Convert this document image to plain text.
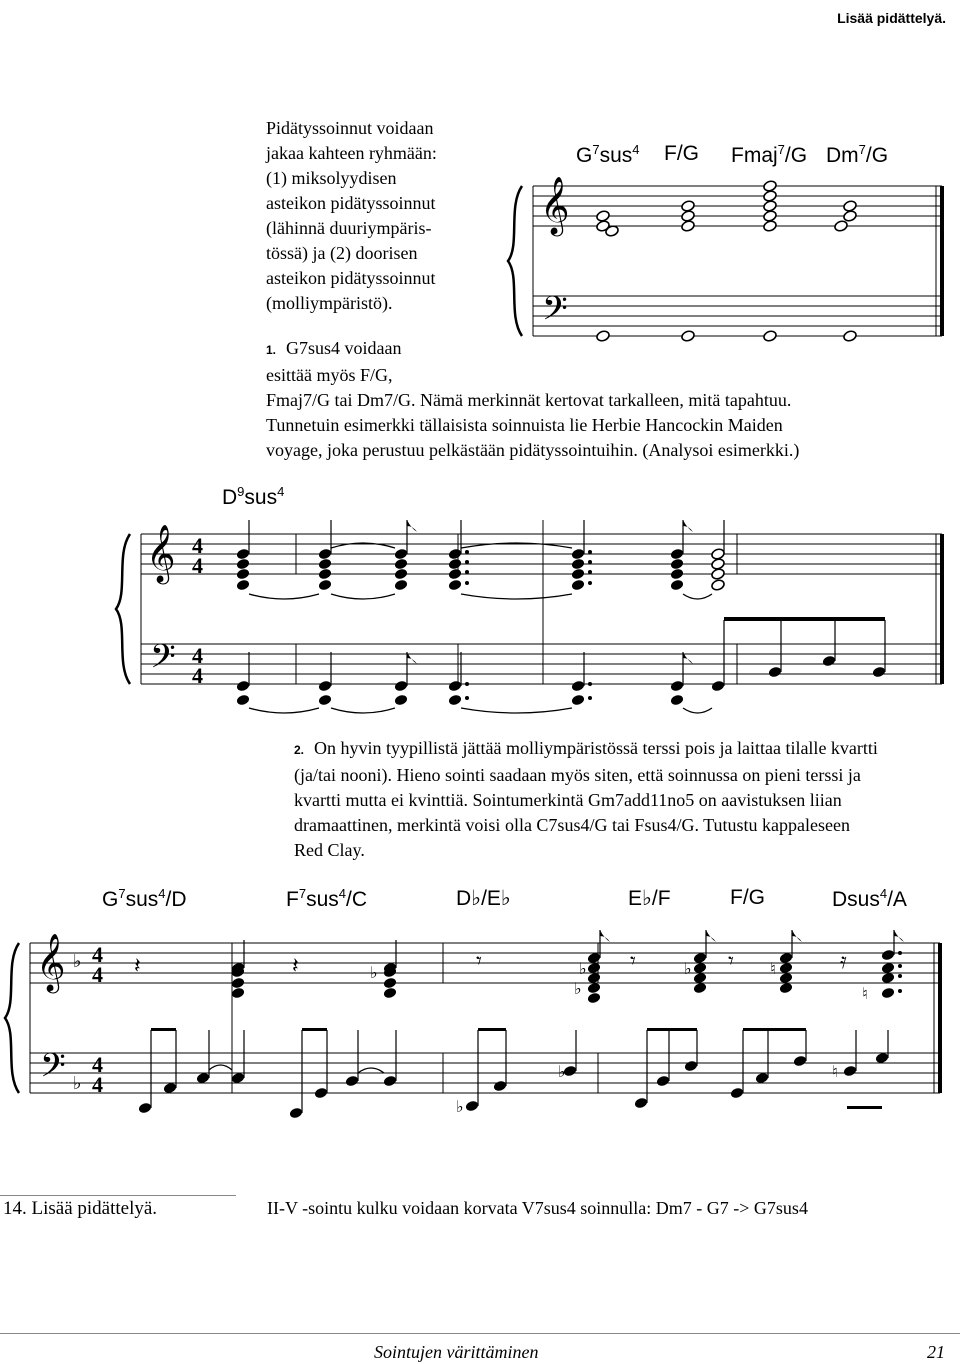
Lisää pidättelyä.
Pidätyssoinnut voidaan
jakaa kahteen ryhmään:
(1) miksolyydisen
asteikon pidätyssoinnut
(lähinnä duuriympäris-
tössä) ja (2) doorisen
asteikon pidätyssoinnut
(molliympäristö).
1. G7sus4 voidaan
esittää myös F/G,
Fmaj7/G tai Dm7/G. Nämä merkinnät kertovat tarkalleen, mitä tapahtuu.
Tunnetuin esimerkki tällaisista soinnuista lie Herbie Hancockin Maiden
voyage, joka perustuu pelkästään pidätyssointuihin. (Analysoi esimerkki.)
$G^7sus^4$ F/G Fmaj$^7$/G Dm$^7$/G
$D^9sus^4$
2. On hyvin tyypillistä jättää molliympäristössä terssi pois ja laittaa tilalle kvartti
(ja/tai nooni). Hieno sointi saadaan myös siten, että soinnussa on pieni terssi ja
kvartti mutta ei kvinttiä. Sointumerkintä Gm7add11no5 on aavistuksen liian
dramaattinen, merkintä voisi olla C7sus4/G tai Fsus4/G. Tutustu kappaleseen
Red Clay.
$G^7sus^4/D$	$F^7sus^4/C$	D♭/E♭	E♭/F	F/G	Dsus$^4$/A
𝄞
𝄢
𝄞
𝄢
4
4
4
4
𝄞
𝄢
♭
♭
4
4
4
4
𝄽	𝄽	𝄾	𝄾	𝄾	𝄿
♭	♭
♭
♭	♮
♮
♭
♭	♮
14. Lisää pidättelyä.	II-V -sointu kulku voidaan korvata V7sus4 soinnulla: Dm7 - G7 -> G7sus4
Sointujen värittäminen	21
